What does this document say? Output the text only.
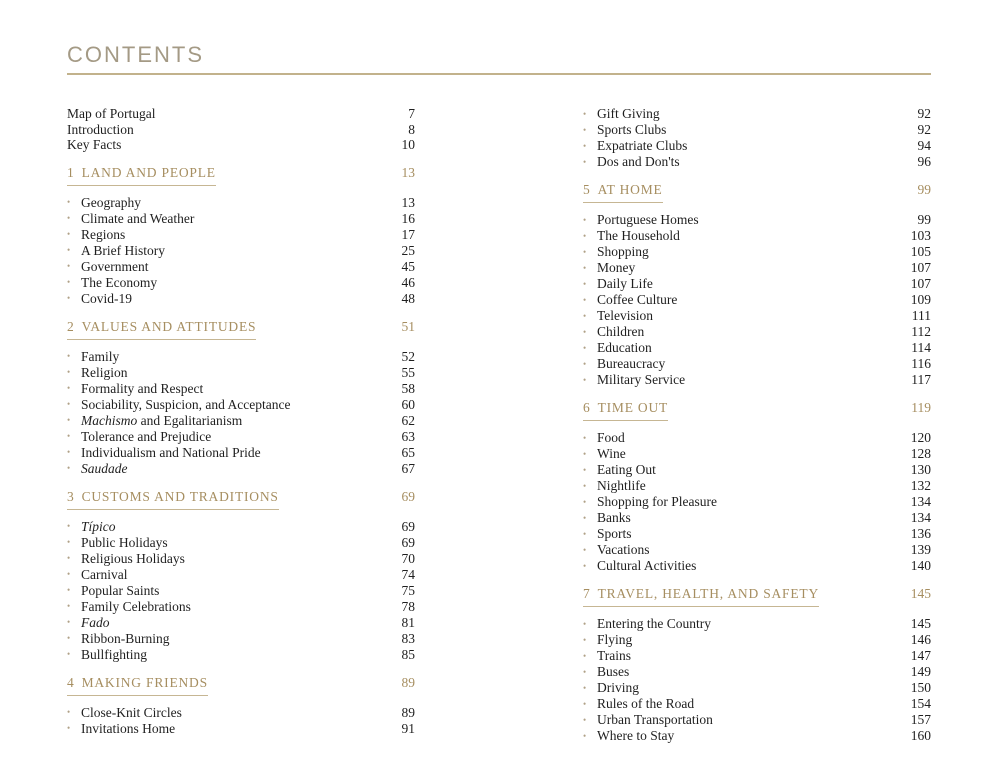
CONTENTS
Map of Portugal	7
Introduction	8
Key Facts	10
1 LAND AND PEOPLE	13
• Geography	13
• Climate and Weather	16
• Regions	17
• A Brief History	25
• Government	45
• The Economy	46
• Covid-19	48
2 VALUES AND ATTITUDES	51
• Family	52
• Religion	55
• Formality and Respect	58
• Sociability, Suspicion, and Acceptance	60
• Machismo and Egalitarianism	62
• Tolerance and Prejudice	63
• Individualism and National Pride	65
• Saudade	67
3 CUSTOMS AND TRADITIONS	69
• Típico	69
• Public Holidays	69
• Religious Holidays	70
• Carnival	74
• Popular Saints	75
• Family Celebrations	78
• Fado	81
• Ribbon-Burning	83
• Bullfighting	85
4 MAKING FRIENDS	89
• Close-Knit Circles	89
• Invitations Home	91
• Gift Giving	92
• Sports Clubs	92
• Expatriate Clubs	94
• Dos and Don'ts	96
5 AT HOME	99
• Portuguese Homes	99
• The Household	103
• Shopping	105
• Money	107
• Daily Life	107
• Coffee Culture	109
• Television	111
• Children	112
• Education	114
• Bureaucracy	116
• Military Service	117
6 TIME OUT	119
• Food	120
• Wine	128
• Eating Out	130
• Nightlife	132
• Shopping for Pleasure	134
• Banks	134
• Sports	136
• Vacations	139
• Cultural Activities	140
7 TRAVEL, HEALTH, AND SAFETY	145
• Entering the Country	145
• Flying	146
• Trains	147
• Buses	149
• Driving	150
• Rules of the Road	154
• Urban Transportation	157
• Where to Stay	160
